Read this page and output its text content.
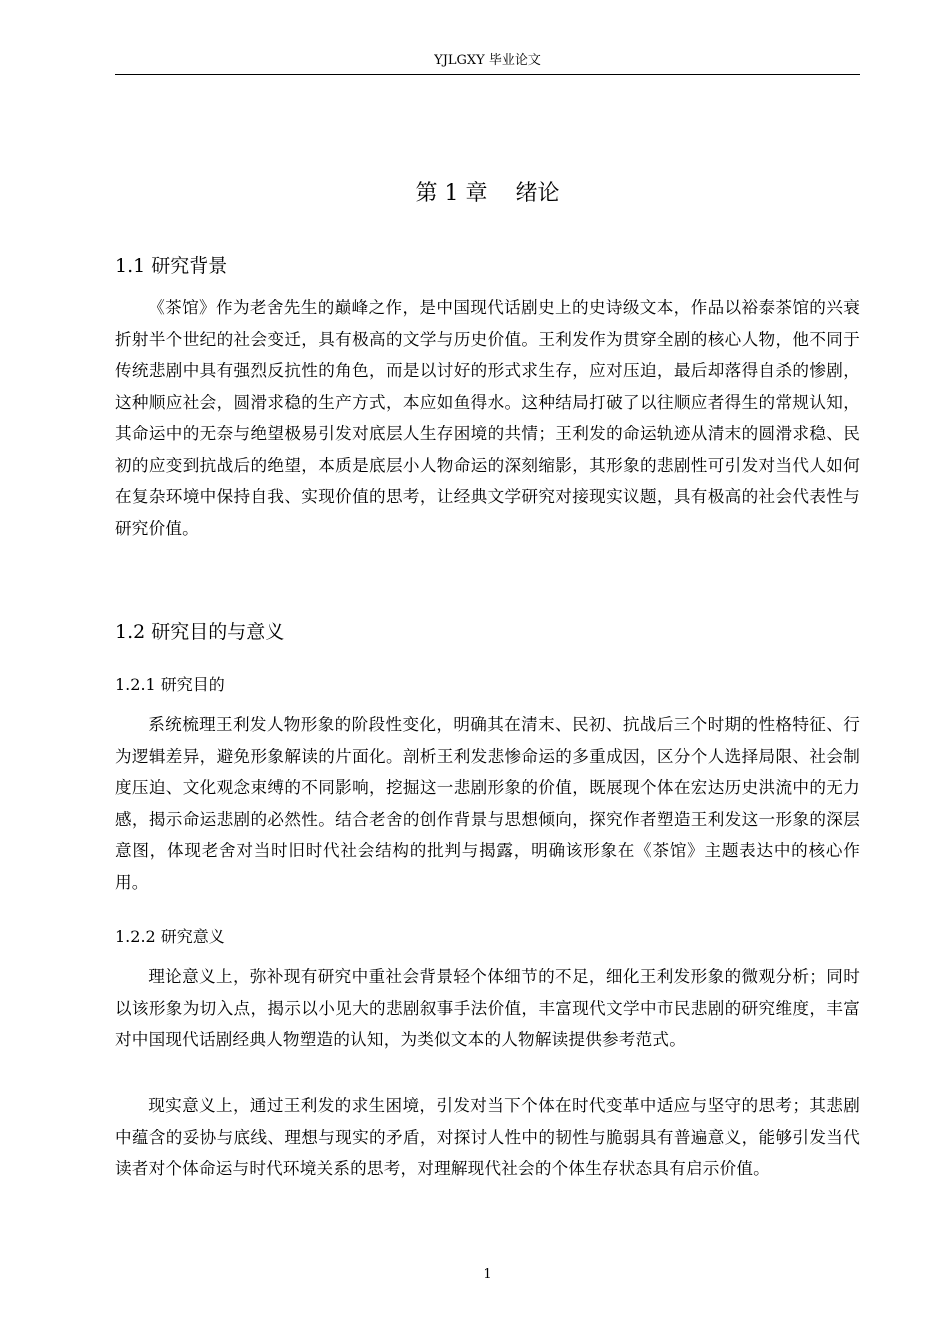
YJLGXY 毕业论文
第 1 章    绪论
1.1 研究背景

《茶馆》作为老舍先生的巅峰之作，是中国现代话剧史上的史诗级文本，作品以裕泰茶馆的兴衰折射半个世纪的社会变迁，具有极高的文学与历史价值。王利发作为贯穿全剧的核心人物，他不同于传统悲剧中具有强烈反抗性的角色，而是以讨好的形式求生存，应对压迫，最后却落得自杀的惨剧，这种顺应社会，圆滑求稳的生产方式，本应如鱼得水。这种结局打破了以往顺应者得生的常规认知，其命运中的无奈与绝望极易引发对底层人生存困境的共情；王利发的命运轨迹从清末的圆滑求稳、民初的应变到抗战后的绝望，本质是底层小人物命运的深刻缩影，其形象的悲剧性可引发对当代人如何在复杂环境中保持自我、实现价值的思考，让经典文学研究对接现实议题，具有极高的社会代表性与研究价值。

1.2 研究目的与意义
1.2.1 研究目的

系统梳理王利发人物形象的阶段性变化，明确其在清末、民初、抗战后三个时期的性格特征、行为逻辑差异，避免形象解读的片面化。剖析王利发悲惨命运的多重成因，区分个人选择局限、社会制度压迫、文化观念束缚的不同影响，挖掘这一悲剧形象的价值，既展现个体在宏达历史洪流中的无力感，揭示命运悲剧的必然性。结合老舍的创作背景与思想倾向，探究作者塑造王利发这一形象的深层意图，体现老舍对当时旧时代社会结构的批判与揭露，明确该形象在《茶馆》主题表达中的核心作用。

1.2.2 研究意义

理论意义上，弥补现有研究中重社会背景轻个体细节的不足，细化王利发形象的微观分析；同时以该形象为切入点，揭示以小见大的悲剧叙事手法价值，丰富现代文学中市民悲剧的研究维度，丰富对中国现代话剧经典人物塑造的认知，为类似文本的人物解读提供参考范式。

现实意义上，通过王利发的求生困境，引发对当下个体在时代变革中适应与坚守的思考；其悲剧中蕴含的妥协与底线、理想与现实的矛盾，对探讨人性中的韧性与脆弱具有普遍意义，能够引发当代读者对个体命运与时代环境关系的思考，对理解现代社会的个体生存状态具有启示价值。

1
